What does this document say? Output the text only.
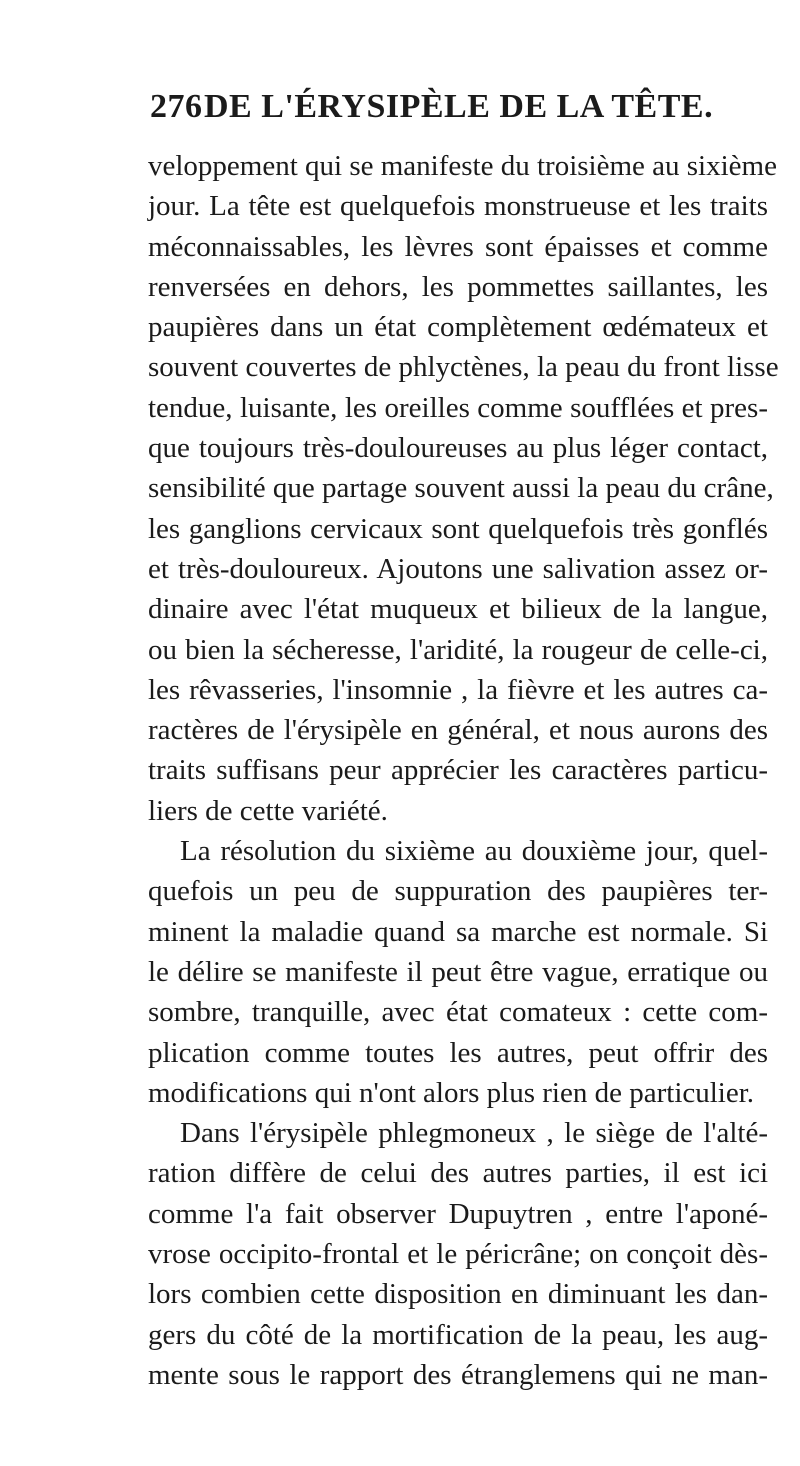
276 DE L'ÉRYSIPÈLE DE LA TÊTE.
veloppement qui se manifeste du troisième au sixième
jour. La tête est quelquefois monstrueuse et les traits
méconnaissables, les lèvres sont épaisses et comme
renversées en dehors, les pommettes saillantes, les
paupières dans un état complètement œdémateux et
souvent couvertes de phlyctènes, la peau du front lisse
tendue, luisante, les oreilles comme soufflées et pres-
que toujours très-douloureuses au plus léger contact,
sensibilité que partage souvent aussi la peau du crâne,
les ganglions cervicaux sont quelquefois très gonflés
et très-douloureux. Ajoutons une salivation assez or-
dinaire avec l'état muqueux et bilieux de la langue,
ou bien la sécheresse, l'aridité, la rougeur de celle-ci,
les rêvasseries, l'insomnie , la fièvre et les autres ca-
ractères de l'érysipèle en général, et nous aurons des
traits suffisans peur apprécier les caractères particu-
liers de cette variété.
La résolution du sixième au douxième jour, quel-
quefois un peu de suppuration des paupières ter-
minent la maladie quand sa marche est normale. Si
le délire se manifeste il peut être vague, erratique ou
sombre, tranquille, avec état comateux : cette com-
plication comme toutes les autres, peut offrir des
modifications qui n'ont alors plus rien de particulier.
Dans l'érysipèle phlegmoneux , le siège de l'alté-
ration diffère de celui des autres parties, il est ici
comme l'a fait observer Dupuytren , entre l'aponé-
vrose occipito-frontal et le péricrâne; on conçoit dès-
lors combien cette disposition en diminuant les dan-
gers du côté de la mortification de la peau, les aug-
mente sous le rapport des étranglemens qui ne man-
